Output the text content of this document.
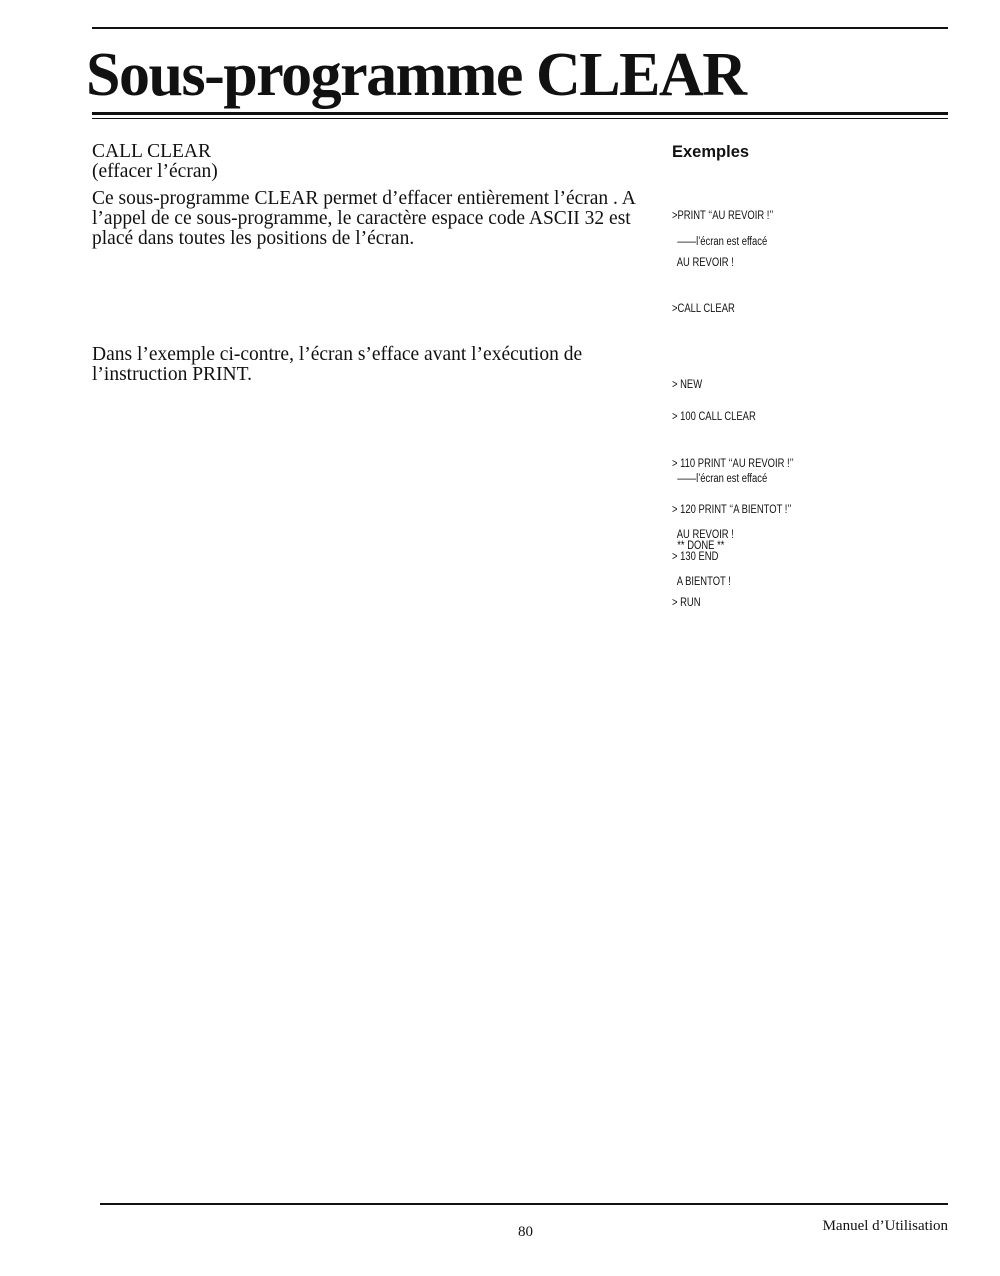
Sous-programme CLEAR
CALL CLEAR
(effacer l’écran)
Ce sous-programme CLEAR permet d’effacer entièrement l’écran . A
l’appel de ce sous-programme, le caractère espace code ASCII 32 est
placé dans toutes les positions de l’écran.
Dans l’exemple ci-contre, l’écran s’efface avant l’exécution de
l’instruction PRINT.
Exemples

>PRINT ‘‘AU REVOIR !’’

AU REVOIR !

>CALL CLEAR

——l’écran est effacé

> NEW

> 100 CALL CLEAR

> 110 PRINT ‘‘AU REVOIR !’’

> 120 PRINT ‘‘A BIENTOT !’’

> 130 END

> RUN

——l’écran est effacé

AU REVOIR !

A BIENTOT !

** DONE **
80	Manuel d’Utilisation
